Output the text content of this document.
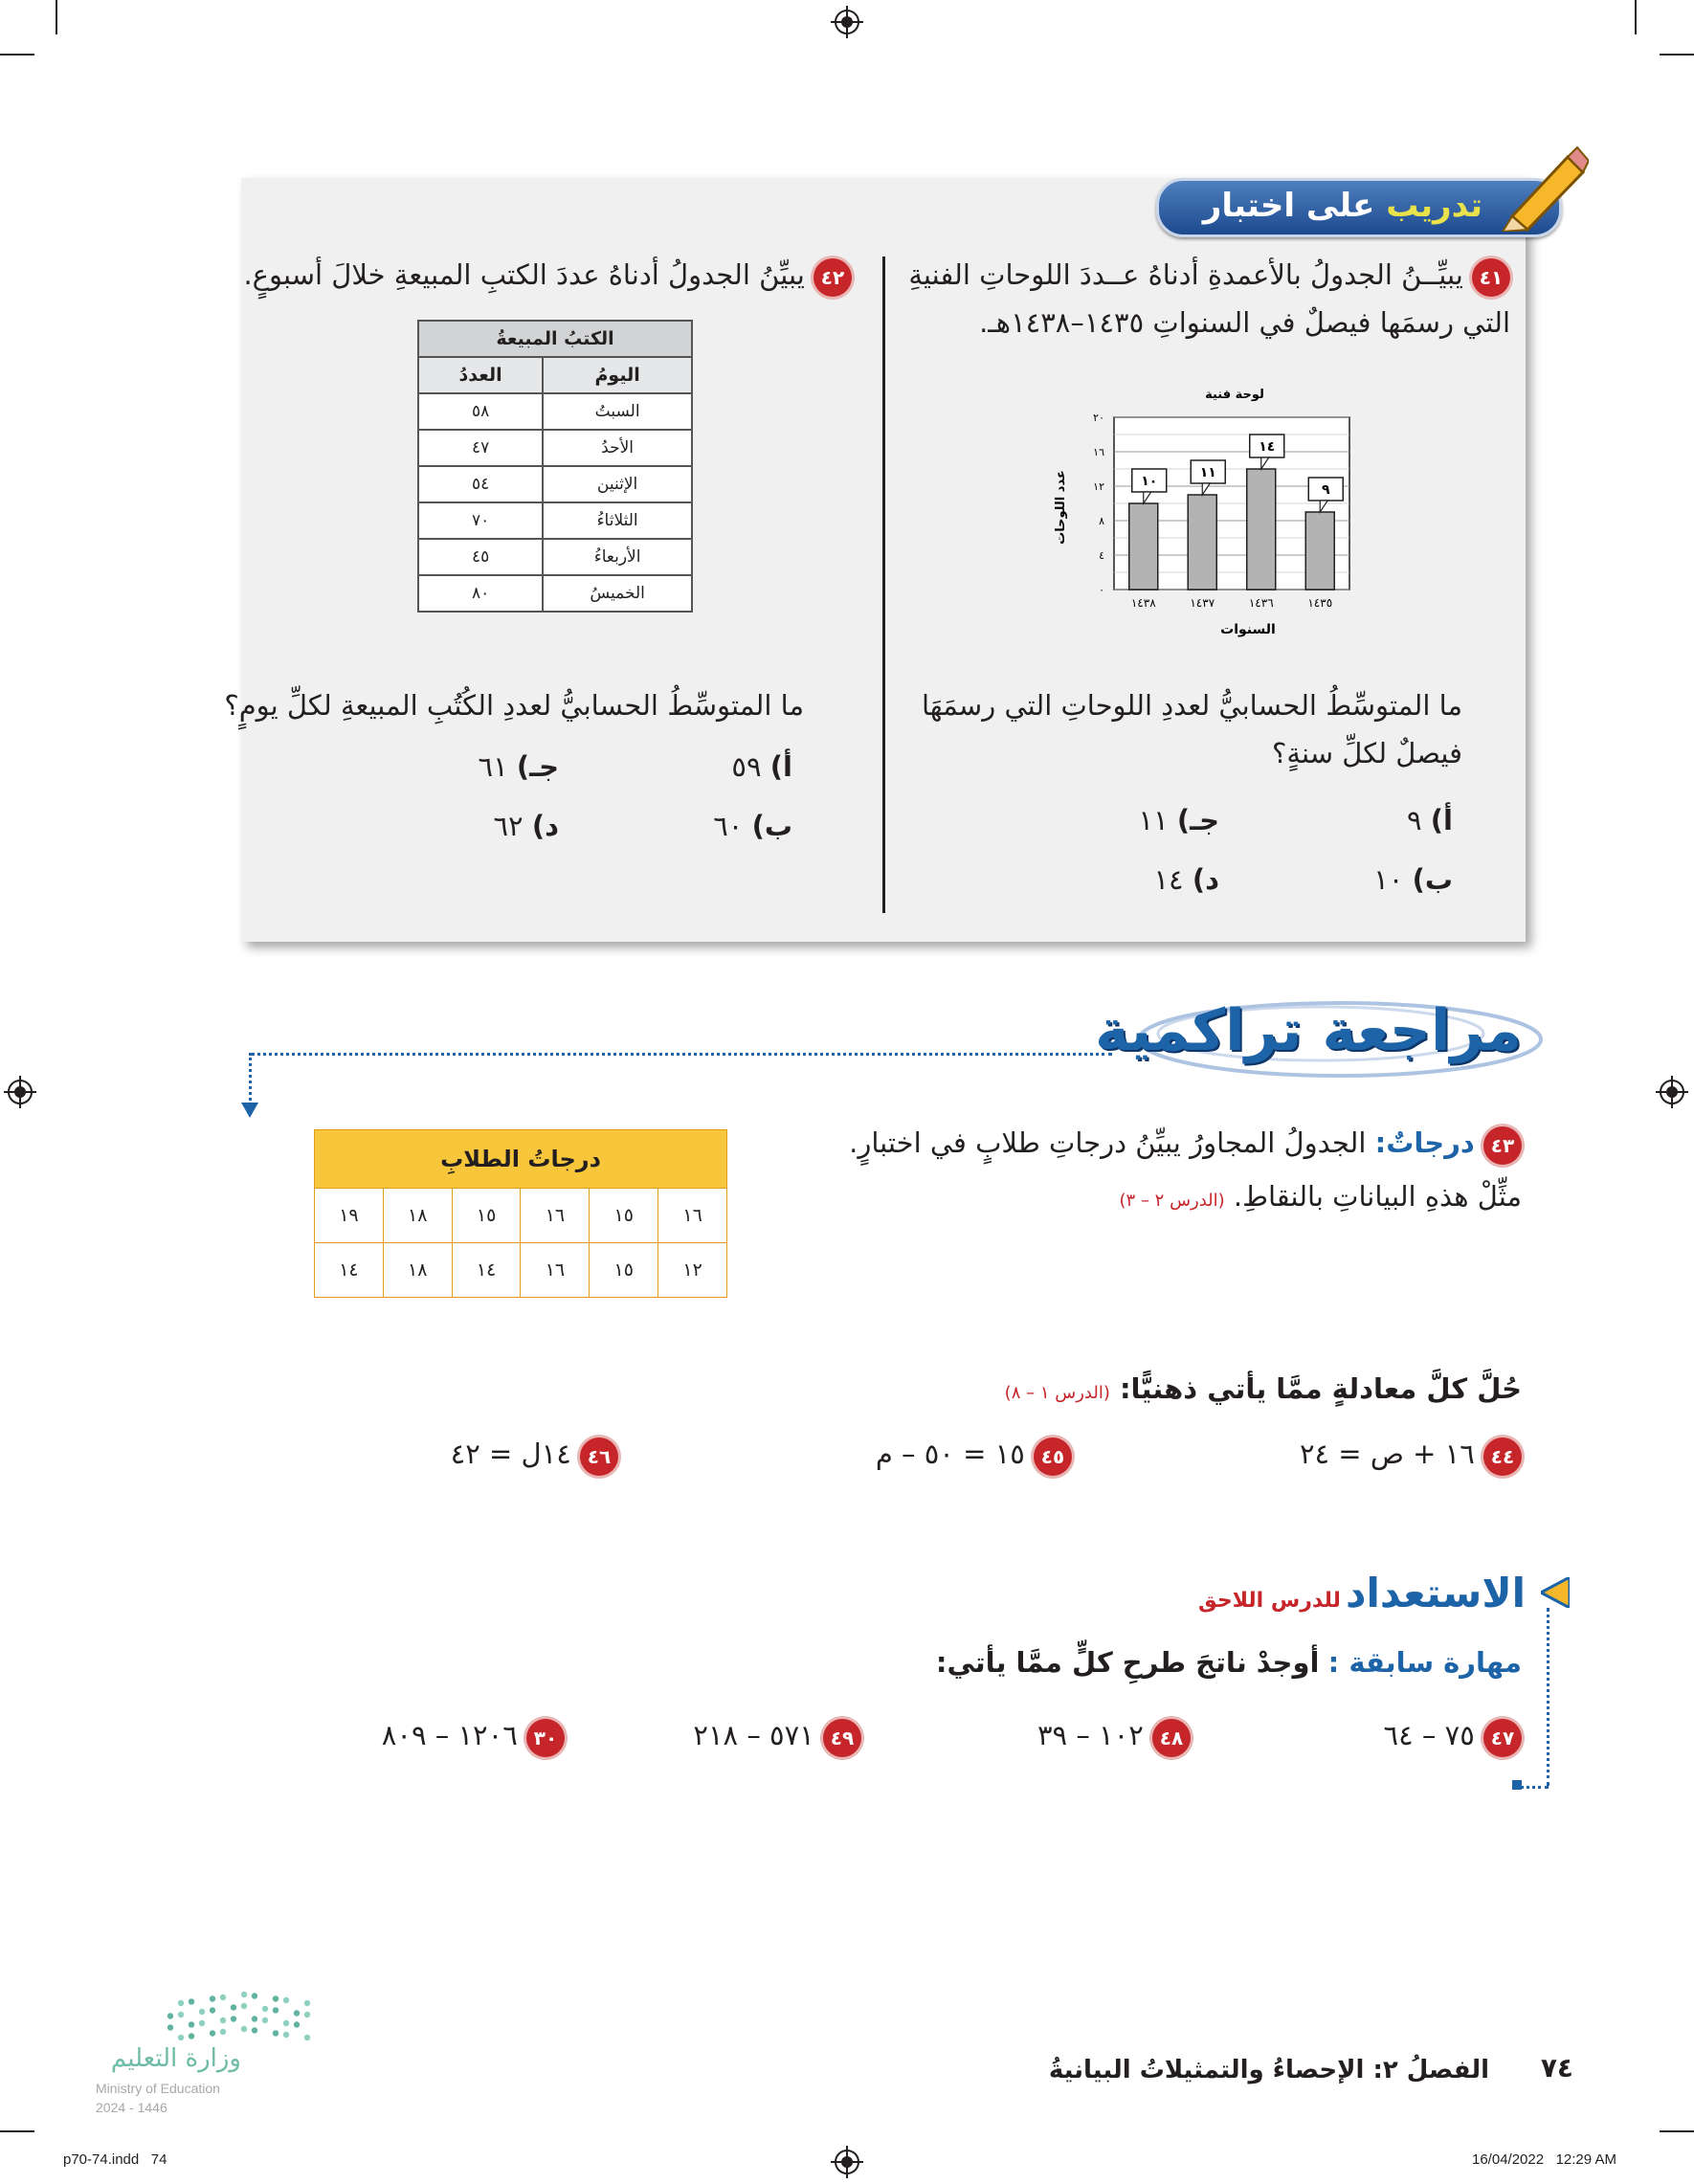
تدريب على اختبار
٤١ يبيِّــنُ الجدولُ بالأعمدةِ أدناهُ عــددَ اللوحاتِ الفنيةِ
التي رسمَها فيصلٌ في السنواتِ ١٤٣٥–١٤٣٨هـ.
لوحة فنية
السنوات
عدد اللوحات
٠
٤
٨
١٢
١٦
٢٠
٩
١٤٣٥
١٤
١٤٣٦
١١
١٤٣٧
١٠
١٤٣٨
ما المتوسِّطُ الحسابيُّ لعددِ اللوحاتِ التي رسمَهَا
فيصلٌ لكلِّ سنةٍ؟
أ) ٩
ب) ١٠
جـ) ١١
د) ١٤
٤٢ يبيِّنُ الجدولُ أدناهُ عددَ الكتبِ المبيعةِ خلالَ أسبوعٍ.
الكتبُ المبيعةُ	
اليومُ	العددُ
السبتُ	٥٨
الأحدُ	٤٧
الإثنين	٥٤
الثلاثاءُ	٧٠
الأربعاءُ	٤٥
الخميسُ	٨٠
ما المتوسِّطُ الحسابيُّ لعددِ الكُتُبِ المبيعةِ لكلِّ يومٍ؟
أ) ٥٩
ب) ٦٠
جـ) ٦١
د) ٦٢
مراجعة تراكمية
٤٣ درجاتٌ: الجدولُ المجاورُ يبيِّنُ درجاتِ طلابٍ في اختبارٍ.
مثِّلْ هذهِ البياناتِ بالنقاطِ. (الدرس ٢ – ٣)
درجاتُ الطلابِ					
١٩	١٨	١٥	١٦	١٥	١٦
١٤	١٨	١٤	١٦	١٥	١٢
حُلَّ كلَّ معادلةٍ ممَّا يأتي ذهنيًّا: (الدرس ١ – ٨)
٤٤ ١٦ + ص = ٢٤
٤٥ ١٥ = ٥٠ – م
٤٦ ١٤ل = ٤٢
الاستعداد للدرس اللاحق
مهارة سابقة : أوجدْ ناتجَ طرحِ كلٍّ ممَّا يأتي:
٤٧ ٧٥ – ٦٤
٤٨ ١٠٢ – ٣٩
٤٩ ٥٧١ – ٢١٨
٣٠ ١٢٠٦ – ٨٠٩
٧٤
الفصلُ ٢: الإحصاءُ والتمثيلاتُ البيانيةُ
وزارة التعليم
Ministry of Education
2024 - 1446
p70-74.indd   74	16/04/2022   12:29 AM
